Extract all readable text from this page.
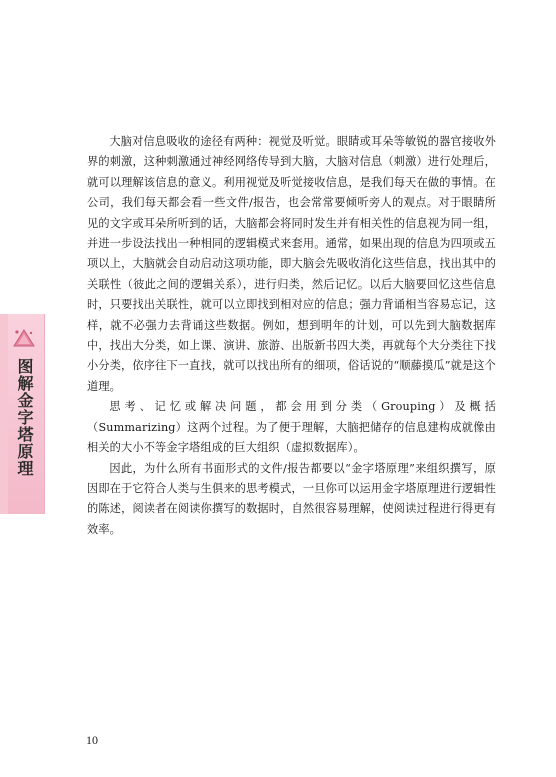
图解金字塔原理

大脑对信息吸收的途径有两种：视觉及听觉。眼睛或耳朵等敏锐的器官接收外界的刺激，这种刺激通过神经网络传导到大脑，大脑对信息（刺激）进行处理后，就可以理解该信息的意义。利用视觉及听觉接收信息，是我们每天在做的事情。在公司，我们每天都会看一些文件/报告，也会常常要倾听旁人的观点。对于眼睛所见的文字或耳朵所听到的话，大脑都会将同时发生并有相关性的信息视为同一组，并进一步设法找出一种相同的逻辑模式来套用。通常，如果出现的信息为四项或五项以上，大脑就会自动启动这项功能，即大脑会先吸收消化这些信息，找出其中的关联性（彼此之间的逻辑关系），进行归类，然后记忆。以后大脑要回忆这些信息时，只要找出关联性，就可以立即找到相对应的信息；强力背诵相当容易忘记，这样，就不必强力去背诵这些数据。例如，想到明年的计划，可以先到大脑数据库中，找出大分类，如上课、演讲、旅游、出版新书四大类，再就每个大分类往下找小分类，依序往下一直找，就可以找出所有的细项，俗话说的“顺藤摸瓜”就是这个道理。

思考、记忆或解决问题，都会用到分类（Grouping）及概括（Summarizing）这两个过程。为了便于理解，大脑把储存的信息建构成就像由相关的大小不等金字塔组成的巨大组织（虚拟数据库）。

因此，为什么所有书面形式的文件/报告都要以“金字塔原理”来组织撰写，原因即在于它符合人类与生俱来的思考模式，一旦你可以运用金字塔原理进行逻辑性的陈述，阅读者在阅读你撰写的数据时，自然很容易理解，使阅读过程进行得更有效率。

10
